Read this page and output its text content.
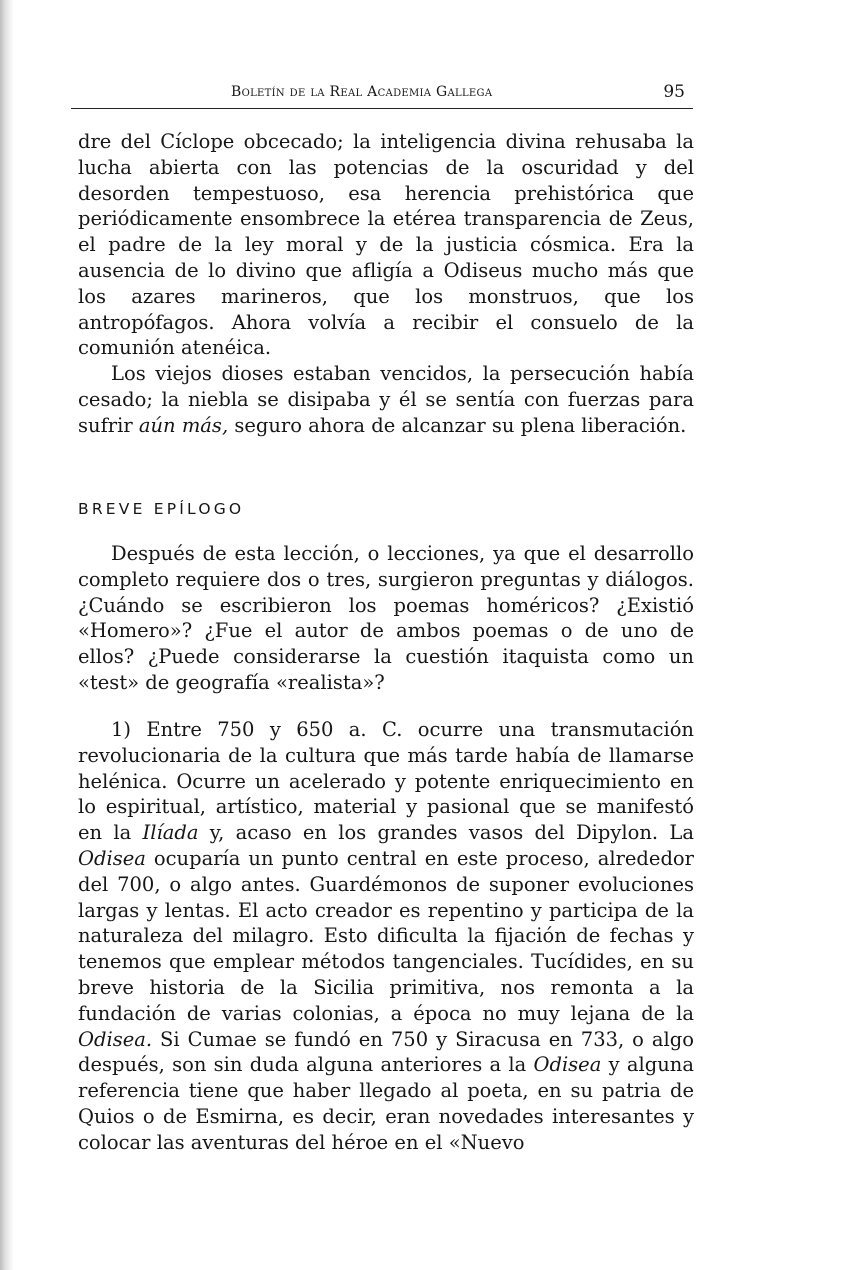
Boletín de la Real Academia Gallega	95

dre del Cíclope obcecado; la inteligencia divina rehusaba la lucha abierta con las potencias de la oscuridad y del desorden tempestuoso, esa herencia prehistórica que periódicamente ensombrece la etérea transparencia de Zeus, el padre de la ley moral y de la justicia cósmica. Era la ausencia de lo divino que afligía a Odiseus mucho más que los azares marineros, que los monstruos, que los antropófagos. Ahora volvía a recibir el consuelo de la comunión atenéica.

Los viejos dioses estaban vencidos, la persecución había cesado; la niebla se disipaba y él se sentía con fuerzas para sufrir aún más, seguro ahora de alcanzar su plena liberación.

BREVE EPÍLOGO

Después de esta lección, o lecciones, ya que el desarrollo completo requiere dos o tres, surgieron preguntas y diálogos. ¿Cuándo se escribieron los poemas homéricos? ¿Existió «Homero»? ¿Fue el autor de ambos poemas o de uno de ellos? ¿Puede considerarse la cuestión itaquista como un «test» de geografía «realista»?

1) Entre 750 y 650 a. C. ocurre una transmutación revolucionaria de la cultura que más tarde había de llamarse helénica. Ocurre un acelerado y potente enriquecimiento en lo espiritual, artístico, material y pasional que se manifestó en la Ilíada y, acaso en los grandes vasos del Dipylon. La Odisea ocuparía un punto central en este proceso, alrededor del 700, o algo antes. Guardémonos de suponer evoluciones largas y lentas. El acto creador es repentino y participa de la naturaleza del milagro. Esto dificulta la fijación de fechas y tenemos que emplear métodos tangenciales. Tucídides, en su breve historia de la Sicilia primitiva, nos remonta a la fundación de varias colonias, a época no muy lejana de la Odisea. Si Cumae se fundó en 750 y Siracusa en 733, o algo después, son sin duda alguna anteriores a la Odisea y alguna referencia tiene que haber llegado al poeta, en su patria de Quios o de Esmirna, es decir, eran novedades interesantes y colocar las aventuras del héroe en el «Nuevo
